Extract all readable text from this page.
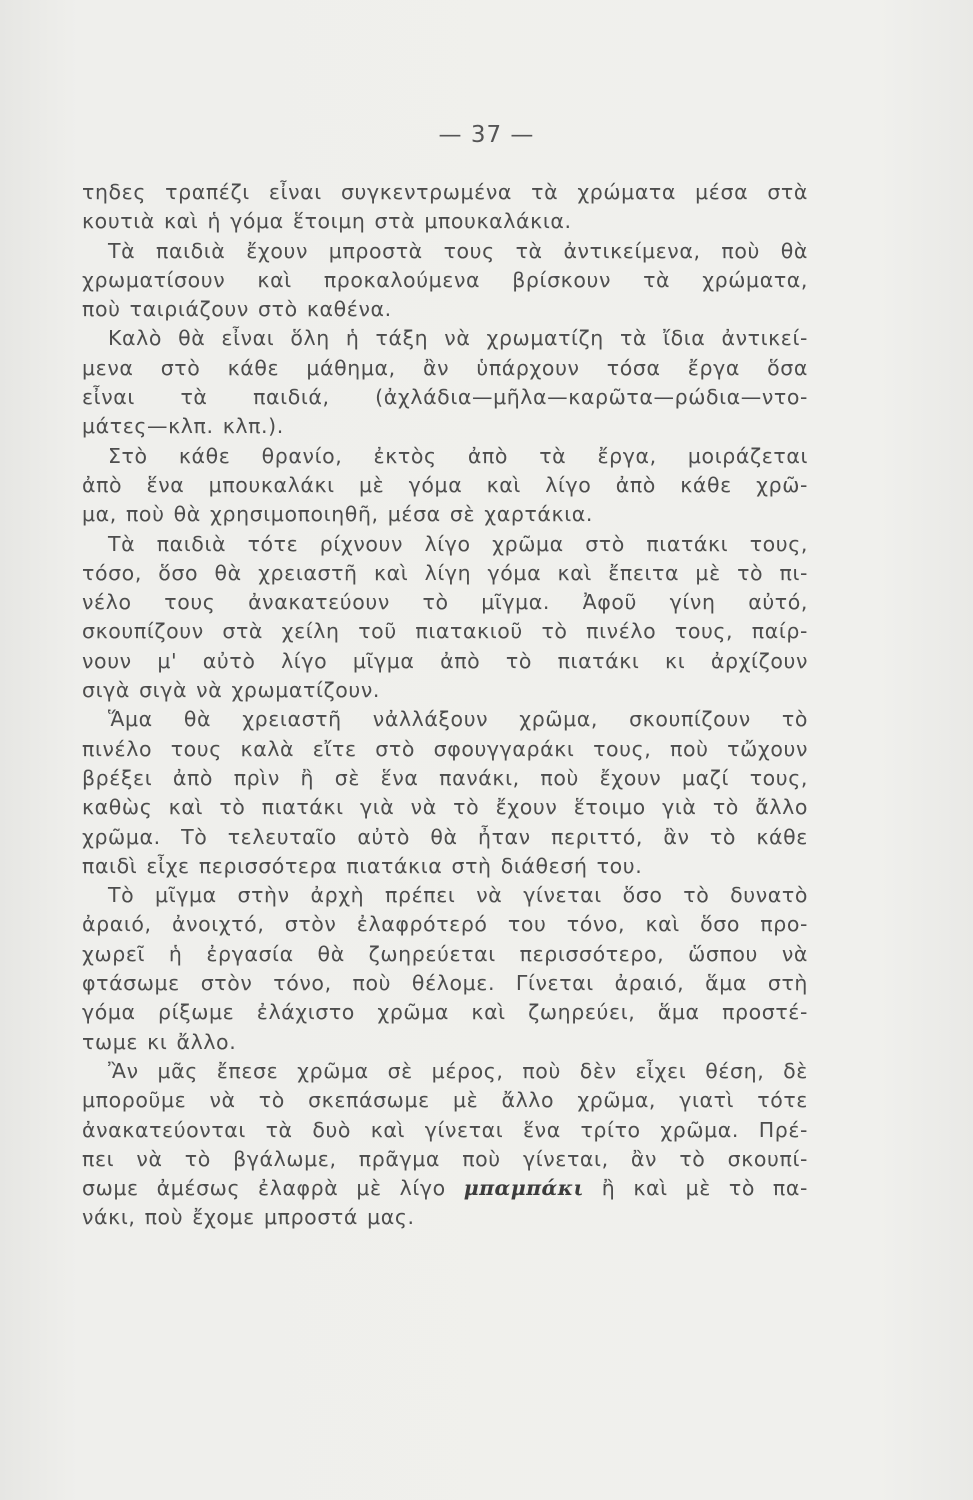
— 37 —
τηδες τραπέζι εἶναι συγκεντρωμένα τὰ χρώματα μέσα στὰ
κουτιὰ καὶ ἡ γόμα ἕτοιμη στὰ μπουκαλάκια.
Τὰ παιδιὰ ἔχουν μπροστὰ τους τὰ ἀντικείμενα, ποὺ θὰ
χρωματίσουν καὶ προκαλούμενα βρίσκουν τὰ χρώματα,
ποὺ ταιριάζουν στὸ καθένα.
Καλὸ θὰ εἶναι ὅλη ἡ τάξη νὰ χρωματίζη τὰ ἴδια ἀντικεί-
μενα στὸ κάθε μάθημα, ἂν ὑπάρχουν τόσα ἔργα ὅσα
εἶναι τὰ παιδιά, (ἀχλάδια—μῆλα—καρῶτα—ρώδια—ντο-
μάτες—κλπ. κλπ.).
Στὸ κάθε θρανίο, ἐκτὸς ἀπὸ τὰ ἔργα, μοιράζεται
ἀπὸ ἕνα μπουκαλάκι μὲ γόμα καὶ λίγο ἀπὸ κάθε χρῶ-
μα, ποὺ θὰ χρησιμοποιηθῆ, μέσα σὲ χαρτάκια.
Τὰ παιδιὰ τότε ρίχνουν λίγο χρῶμα στὸ πιατάκι τους,
τόσο, ὅσο θὰ χρειαστῆ καὶ λίγη γόμα καὶ ἔπειτα μὲ τὸ πι-
νέλο τους ἀνακατεύουν τὸ μῖγμα. Ἀφοῦ γίνη αὐτό,
σκουπίζουν στὰ χείλη τοῦ πιατακιοῦ τὸ πινέλο τους, παίρ-
νουν μ' αὐτὸ λίγο μῖγμα ἀπὸ τὸ πιατάκι κι ἀρχίζουν
σιγὰ σιγὰ νὰ χρωματίζουν.
Ἅμα θὰ χρειαστῆ νἀλλάξουν χρῶμα, σκουπίζουν τὸ
πινέλο τους καλὰ εἴτε στὸ σφουγγαράκι τους, ποὺ τὤχουν
βρέξει ἀπὸ πρὶν ἢ σὲ ἕνα πανάκι, ποὺ ἔχουν μαζί τους,
καθὼς καὶ τὸ πιατάκι γιὰ νὰ τὸ ἔχουν ἕτοιμο γιὰ τὸ ἄλλο
χρῶμα. Τὸ τελευταῖο αὐτὸ θὰ ἦταν περιττό, ἂν τὸ κάθε
παιδὶ εἶχε περισσότερα πιατάκια στὴ διάθεσή του.
Τὸ μῖγμα στὴν ἀρχὴ πρέπει νὰ γίνεται ὅσο τὸ δυνατὸ
ἀραιό, ἀνοιχτό, στὸν ἐλαφρότερό του τόνο, καὶ ὅσο προ-
χωρεῖ ἡ ἐργασία θὰ ζωηρεύεται περισσότερο, ὥσπου νὰ
φτάσωμε στὸν τόνο, ποὺ θέλομε. Γίνεται ἀραιό, ἅμα στὴ
γόμα ρίξωμε ἐλάχιστο χρῶμα καὶ ζωηρεύει, ἅμα προστέ-
τωμε κι ἄλλο.
Ἂν μᾶς ἔπεσε χρῶμα σὲ μέρος, ποὺ δὲν εἶχει θέση, δὲ
μποροῦμε νὰ τὸ σκεπάσωμε μὲ ἄλλο χρῶμα, γιατὶ τότε
ἀνακατεύονται τὰ δυὸ καὶ γίνεται ἕνα τρίτο χρῶμα. Πρέ-
πει νὰ τὸ βγάλωμε, πρᾶγμα ποὺ γίνεται, ἂν τὸ σκουπί-
σωμε ἀμέσως ἐλαφρὰ μὲ λίγο μπαμπάκι ἢ καὶ μὲ τὸ πα-
νάκι, ποὺ ἔχομε μπροστά μας.
